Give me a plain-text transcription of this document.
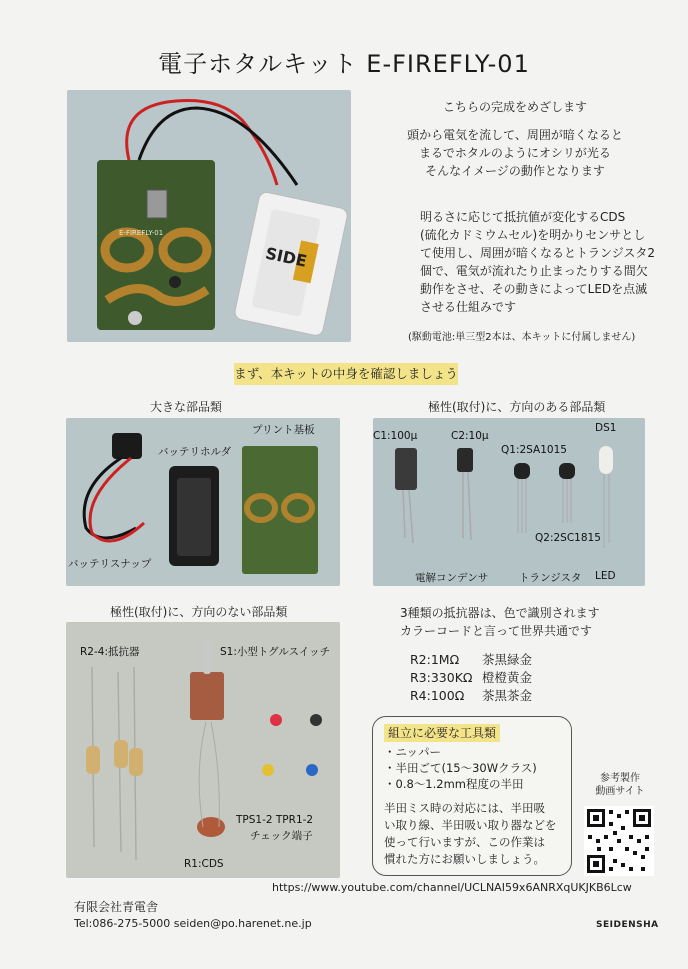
電子ホタルキット E-FIREFLY-01
E-FIREFLY-01
SIDE
こちらの完成をめざします
頭から電気を流して、周囲が暗くなると
まるでホタルのようにオシリが光る
そんなイメージの動作となります
明るさに応じて抵抗値が変化するCDS
(硫化カドミウムセル)を明かりセンサとし
て使用し、周囲が暗くなるとトランジスタ2
個で、電気が流れたり止まったりする間欠
動作をさせ、その動きによってLEDを点滅
させる仕組みです
(駆動電池:単三型2本は、本キットに付属しません)
まず、本キットの中身を確認しましょう
大きな部品類	極性(取付)に、方向のある部品類
バッテリホルダ
プリント基板
バッテリスナップ
C1:100μ	C2:10μ
Q1:2SA1015
DS1
Q2:2SC1815
電解コンデンサ	トランジスタ LED
極性(取付)に、方向のない部品類
R2-4:抵抗器	S1:小型トグルスイッチ
TPS1-2 TPR1-2
チェック端子
R1:CDS
3種類の抵抗器は、色で識別されます
カラーコードと言って世界共通です
R2:1MΩ	茶黒緑金
R3:330KΩ 橙橙黄金
R4:100Ω	茶黒茶金
組立に必要な工具類
・ニッパー
・半田ごて(15〜30Wクラス)
・0.8〜1.2mm程度の半田
半田ミス時の対応には、半田吸
い取り線、半田吸い取り器などを
使って行いますが、この作業は
慣れた方にお願いしましょう。
参考製作
動画サイト
https://www.youtube.com/channel/UCLNAI59x6ANRXqUKJKB6Lcw
有限会社青電舎
Tel:086-275-5000 seiden@po.harenet.ne.jp	SEIDENSHA
